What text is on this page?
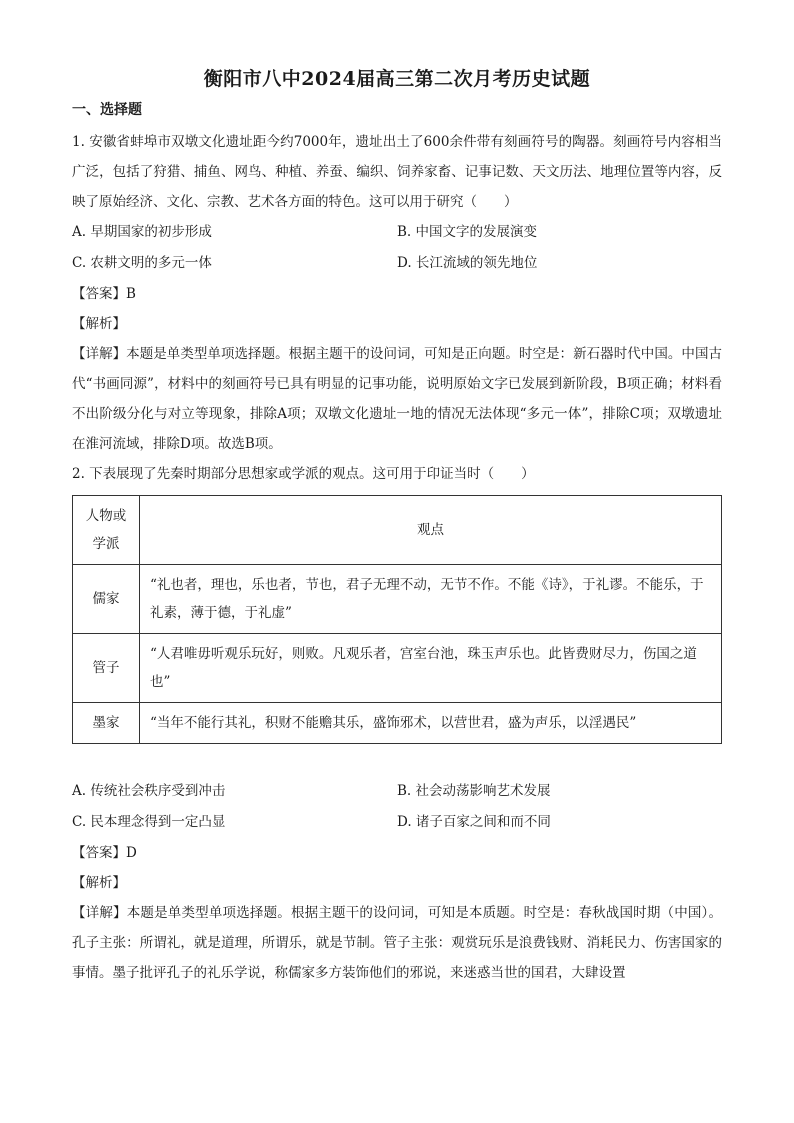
衡阳市八中2024届高三第二次月考历史试题
一、选择题

1. 安徽省蚌埠市双墩文化遗址距今约7000年，遗址出土了600余件带有刻画符号的陶器。刻画符号内容相当广泛，包括了狩猎、捕鱼、网鸟、种植、养蚕、编织、饲养家畜、记事记数、天文历法、地理位置等内容，反映了原始经济、文化、宗教、艺术各方面的特色。这可以用于研究（　　）

A. 早期国家的初步形成	B. 中国文字的发展演变
C. 农耕文明的多元一体	D. 长江流域的领先地位
【答案】B
【解析】

【详解】本题是单类型单项选择题。根据主题干的设问词，可知是正向题。时空是：新石器时代中国。中国古代“书画同源”，材料中的刻画符号已具有明显的记事功能，说明原始文字已发展到新阶段，B项正确；材料看不出阶级分化与对立等现象，排除A项；双墩文化遗址一地的情况无法体现“多元一体”，排除C项；双墩遗址在淮河流域，排除D项。故选B项。

2. 下表展现了先秦时期部分思想家或学派的观点。这可用于印证当时（　　）

人物或学派	观点
儒家	“礼也者，理也，乐也者，节也，君子无理不动，无节不作。不能《诗》，于礼谬。不能乐，于礼素，薄于德，于礼虚”
管子	“人君唯毋听观乐玩好，则败。凡观乐者，宫室台池，珠玉声乐也。此皆费财尽力，伤国之道也”
墨家	“当年不能行其礼，积财不能赡其乐，盛饰邪术，以营世君，盛为声乐，以淫遇民”
A. 传统社会秩序受到冲击	B. 社会动荡影响艺术发展
C. 民本理念得到一定凸显	D. 诸子百家之间和而不同
【答案】D
【解析】

【详解】本题是单类型单项选择题。根据主题干的设问词，可知是本质题。时空是：春秋战国时期（中国）。孔子主张：所谓礼，就是道理，所谓乐，就是节制。管子主张：观赏玩乐是浪费钱财、消耗民力、伤害国家的事情。墨子批评孔子的礼乐学说，称儒家多方装饰他们的邪说，来迷惑当世的国君，大肆设置
